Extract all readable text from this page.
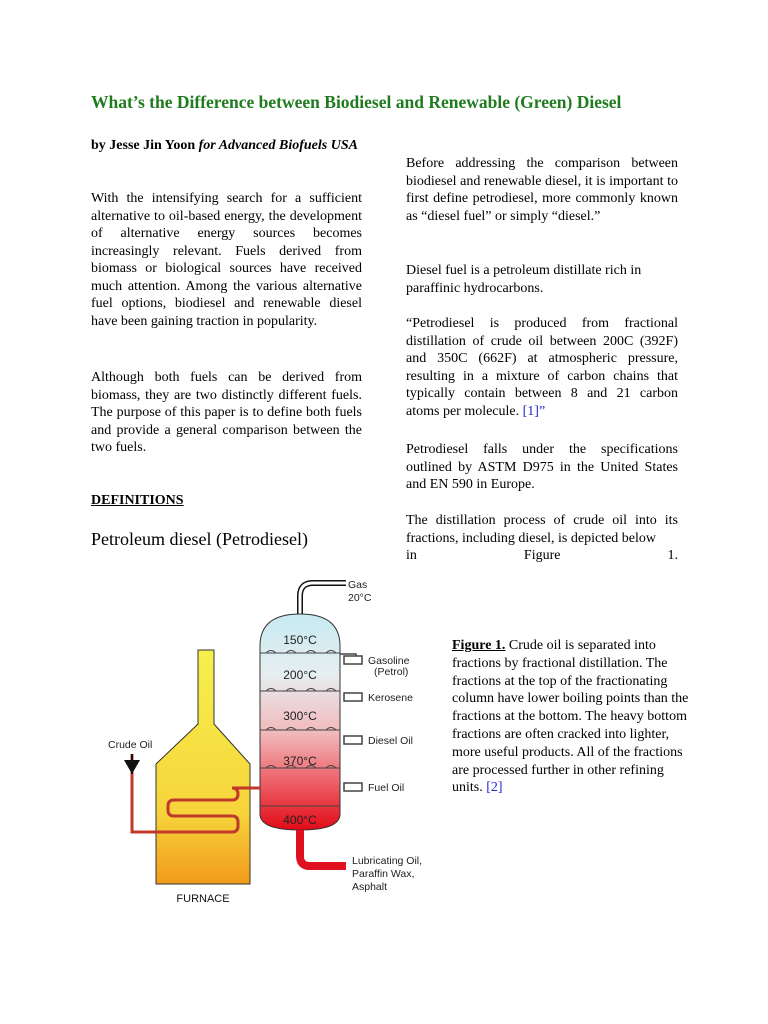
What’s the Difference between Biodiesel and Renewable (Green) Diesel

by Jesse Jin Yoon for Advanced Biofuels USA

With the intensifying search for a sufficient alternative to oil-based energy, the development of alternative energy sources becomes increasingly relevant. Fuels derived from biomass or biological sources have received much attention. Among the various alternative fuel options, biodiesel and renewable diesel have been gaining traction in popularity.

Although both fuels can be derived from biomass, they are two distinctly different fuels. The purpose of this paper is to define both fuels and provide a general comparison between the two fuels.

DEFINITIONS

Petroleum diesel (Petrodiesel)

Before addressing the comparison between biodiesel and renewable diesel, it is important to first define petrodiesel, more commonly known as “diesel fuel” or simply “diesel.”

Diesel fuel is a petroleum distillate rich in paraffinic hydrocarbons.

“Petrodiesel is produced from fractional distillation of crude oil between 200C (392F) and 350C (662F) at atmospheric pressure, resulting in a mixture of carbon chains that typically contain between 8 and 21 carbon atoms per molecule. [1]”

Petrodiesel falls under the specifications outlined by ASTM D975 in the United States and EN 590 in Europe.

The distillation process of crude oil into its fractions, including diesel, is depicted below

in	Figure	1.

Figure 1. Crude oil is separated into fractions by fractional distillation. The fractions at the top of the fractionating column have lower boiling points than the fractions at the bottom. The heavy bottom fractions are often cracked into lighter, more useful products. All of the fractions are processed further in other refining units. [2]

150°C
200°C
300°C
370°C
400°C
Gas
20°C
Gasoline
(Petrol)
Kerosene
Diesel Oil
Fuel Oil
Crude Oil
Lubricating Oil,
Paraffin Wax,
Asphalt
FURNACE
